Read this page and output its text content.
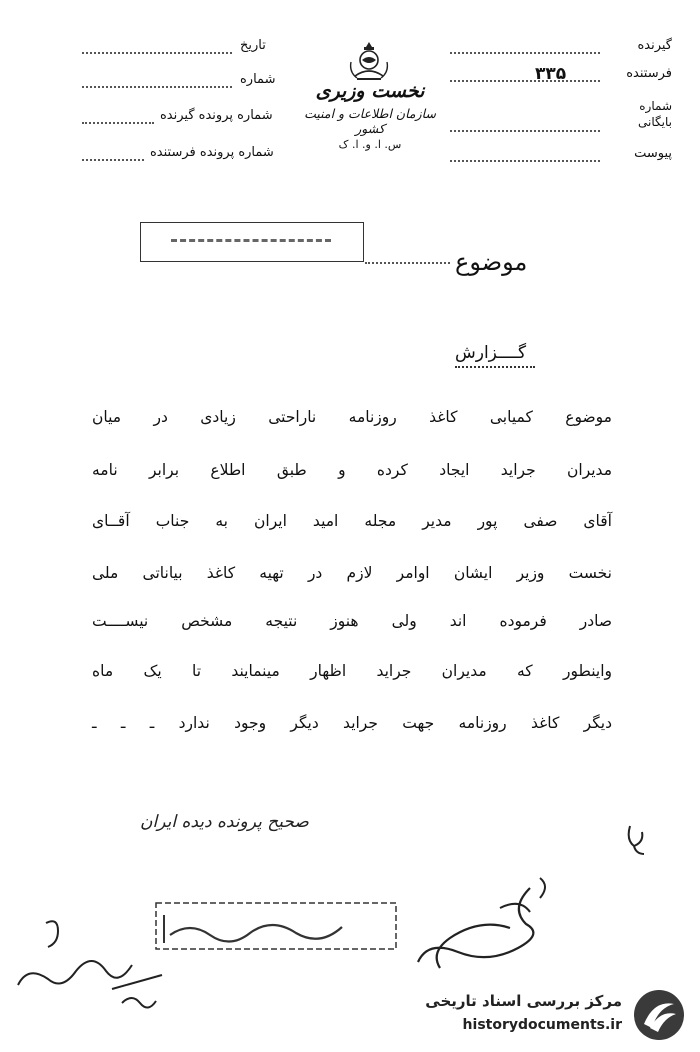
گیرنده
۳۳۵	فرستنده
شماره بایگانی
پیوست
تاریخ
شماره
شماره پرونده گیرنده
شماره پرونده فرستنده
نخست وزیری
سازمان اطلاعات و امنیت کشور
س. ا. و. ا. ک
موضوع
گــــزارش
موضوع کمیابی کاغذ روزنامه ناراحتی زیادی در میان
مدیران جراید ایجاد کرده و طبق اطلاع برابر نامه
آقای صفی پور مدیر مجله امید ایران به جناب آقــای
نخست وزیر ایشان اوامر لازم در تهیه کاغذ بیاناتی ملی
صادر فرموده اند ولی هنوز نتیجه مشخص نیســــت
واینطور که مدیران جراید اظهار مینمایند تا یک ماه
دیگر کاغذ روزنامه جهت جراید دیگر وجود ندارد ـ ـ ـ
صحیح پرونده دیده ایران
مرکز بررسی اسناد تاریخی
historydocuments.ir
